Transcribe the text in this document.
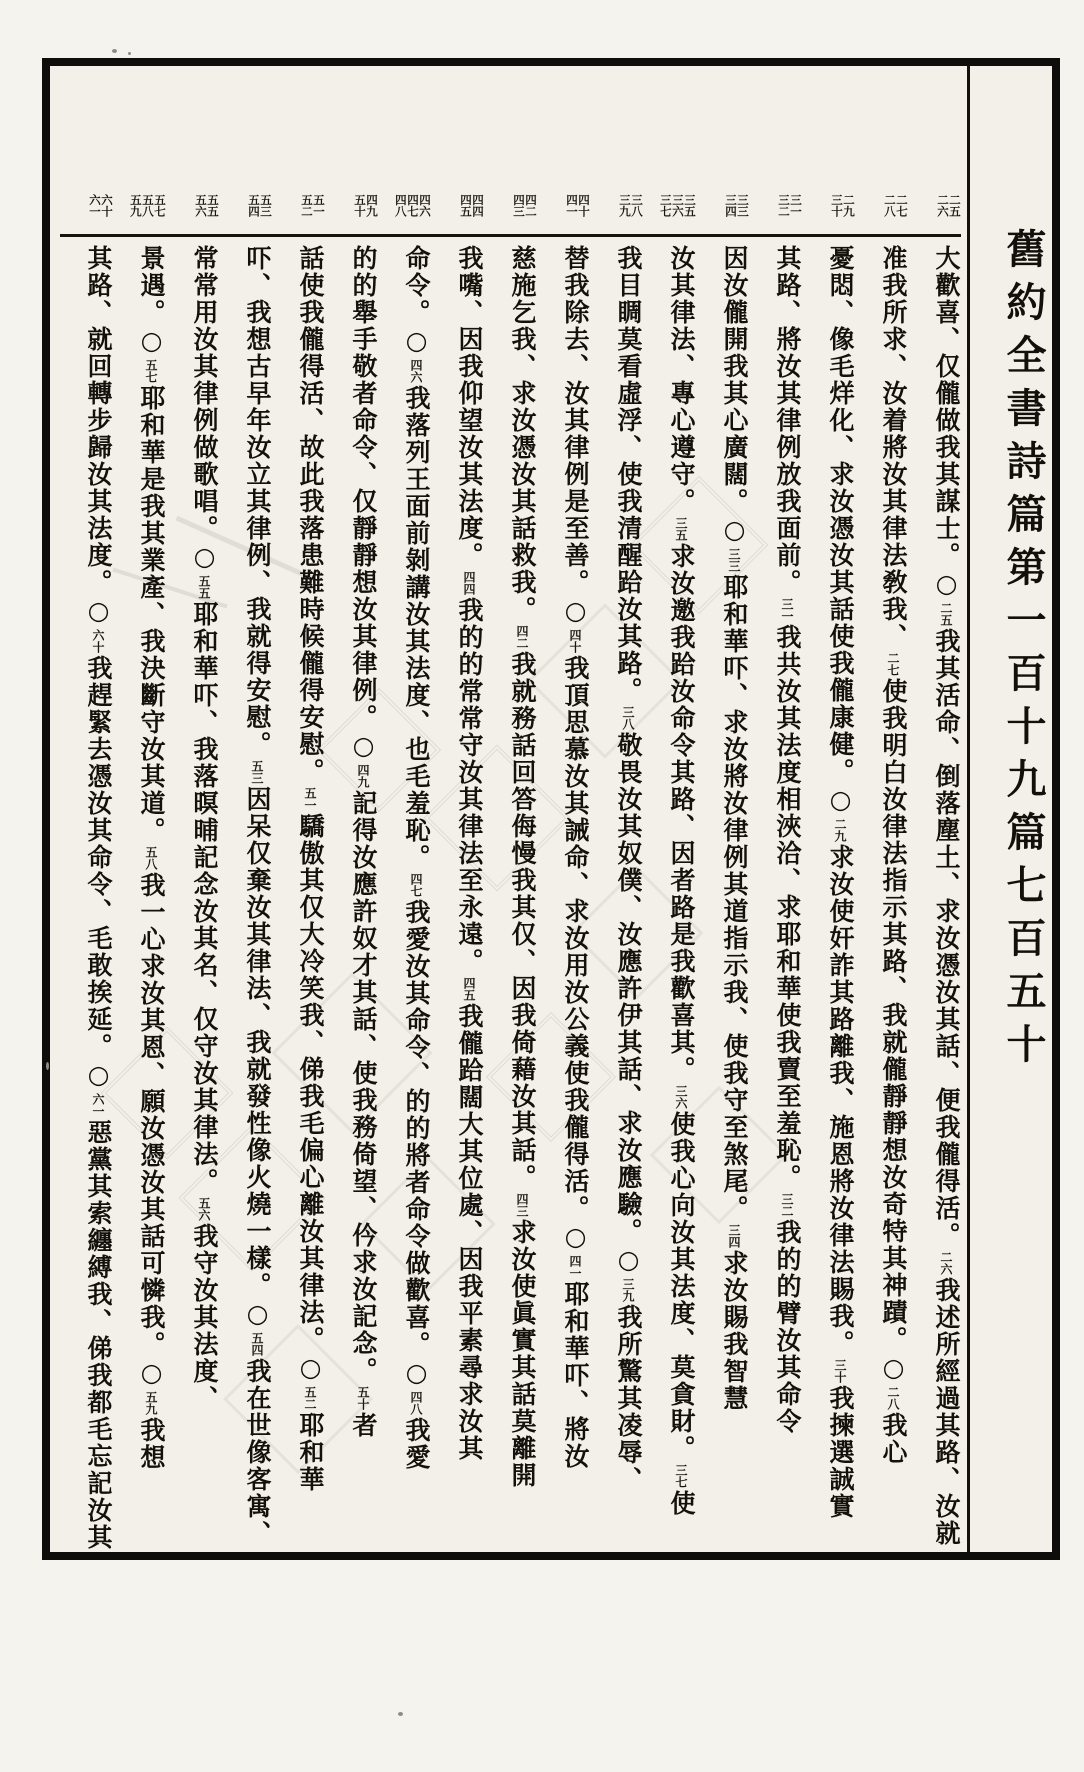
二五
二六
二七
二八
二九
三十
三一
三二
三三
三四
三五
三六
三七
三八
三九
四十
四一
四二
四三
四四
四五
四六
四七
四八
四九
五十
五一
五二
五三
五四
五五
五六
五七
五八
五九
六十
六一
大歡喜、仅儱做我其謀士。○二五我其活命、倒落塵土、求汝憑汝其話、便我儱得活。二六我述所經過其路、汝就
准我所求、汝着將汝其律法敎我、二七使我明白汝律法指示其路、我就儱靜靜想汝奇特其神蹟。○二八我心
憂悶、像毛烊化、求汝憑汝其話使我儱康健。○二九求汝使奸詐其路離我、施恩將汝律法賜我。三十我揀選誠實
其路、將汝其律例放我面前。三一我共汝其法度相浹洽、求耶和華使我賣至羞恥。三二我的的臂汝其命令
因汝儱開我其心廣闊。○三三耶和華吓、求汝將汝律例其道指示我、使我守至煞尾。三四求汝賜我智慧
汝其律法、專心遵守。三五求汝邀我跲汝命令其路、因者路是我歡喜其。三六使我心向汝其法度、莫貪財。三七使
我目睭莫看虛浮、使我清醒跲汝其路。三八敬畏汝其奴僕、汝應許伊其話、求汝應驗。○三九我所驚其凌辱、
替我除去、汝其律例是至善。○四十我頂思慕汝其誡命、求汝用汝公義使我儱得活。○四一耶和華吓、將汝
慈施乞我、求汝憑汝其話救我。四二我就務話回答侮慢我其仅、因我倚藉汝其話。四三求汝使眞實其話莫離開
我嘴、因我仰望汝其法度。四四我的的常常守汝其律法至永遠。四五我儱跲闊大其位處、因我平素尋求汝其
命令。○四六我落列王面前剝講汝其法度、也毛羞恥。四七我愛汝其命令、的的將者命令做歡喜。○四八我愛
的的舉手敬者命令、仅靜靜想汝其律例。○四九記得汝應許奴才其話、使我務倚望、仱求汝記念。五十者
話使我儱得活、故此我落患難時候儱得安慰。五一驕傲其仅大冷笑我、俤我毛偏心離汝其律法。○五二耶和華
吓、我想古早年汝立其律例、我就得安慰。五三因呆仅棄汝其律法、我就發性像火燒一樣。○五四我在世像客寓、
常常用汝其律例做歌唱。○五五耶和華吓、我落暝晡記念汝其名、仅守汝其律法。五六我守汝其法度、
景遇。○五七耶和華是我其業產、我決斷守汝其道。五八我一心求汝其恩、願汝憑汝其話可憐我。○五九我想
其路、就回轉步歸汝其法度。○六十我趕緊去憑汝其命令、毛敢挨延。○六一惡黨其索纏縛我、俤我都毛忘記汝其
舊約全書詩篇第一百十九篇七百五十
